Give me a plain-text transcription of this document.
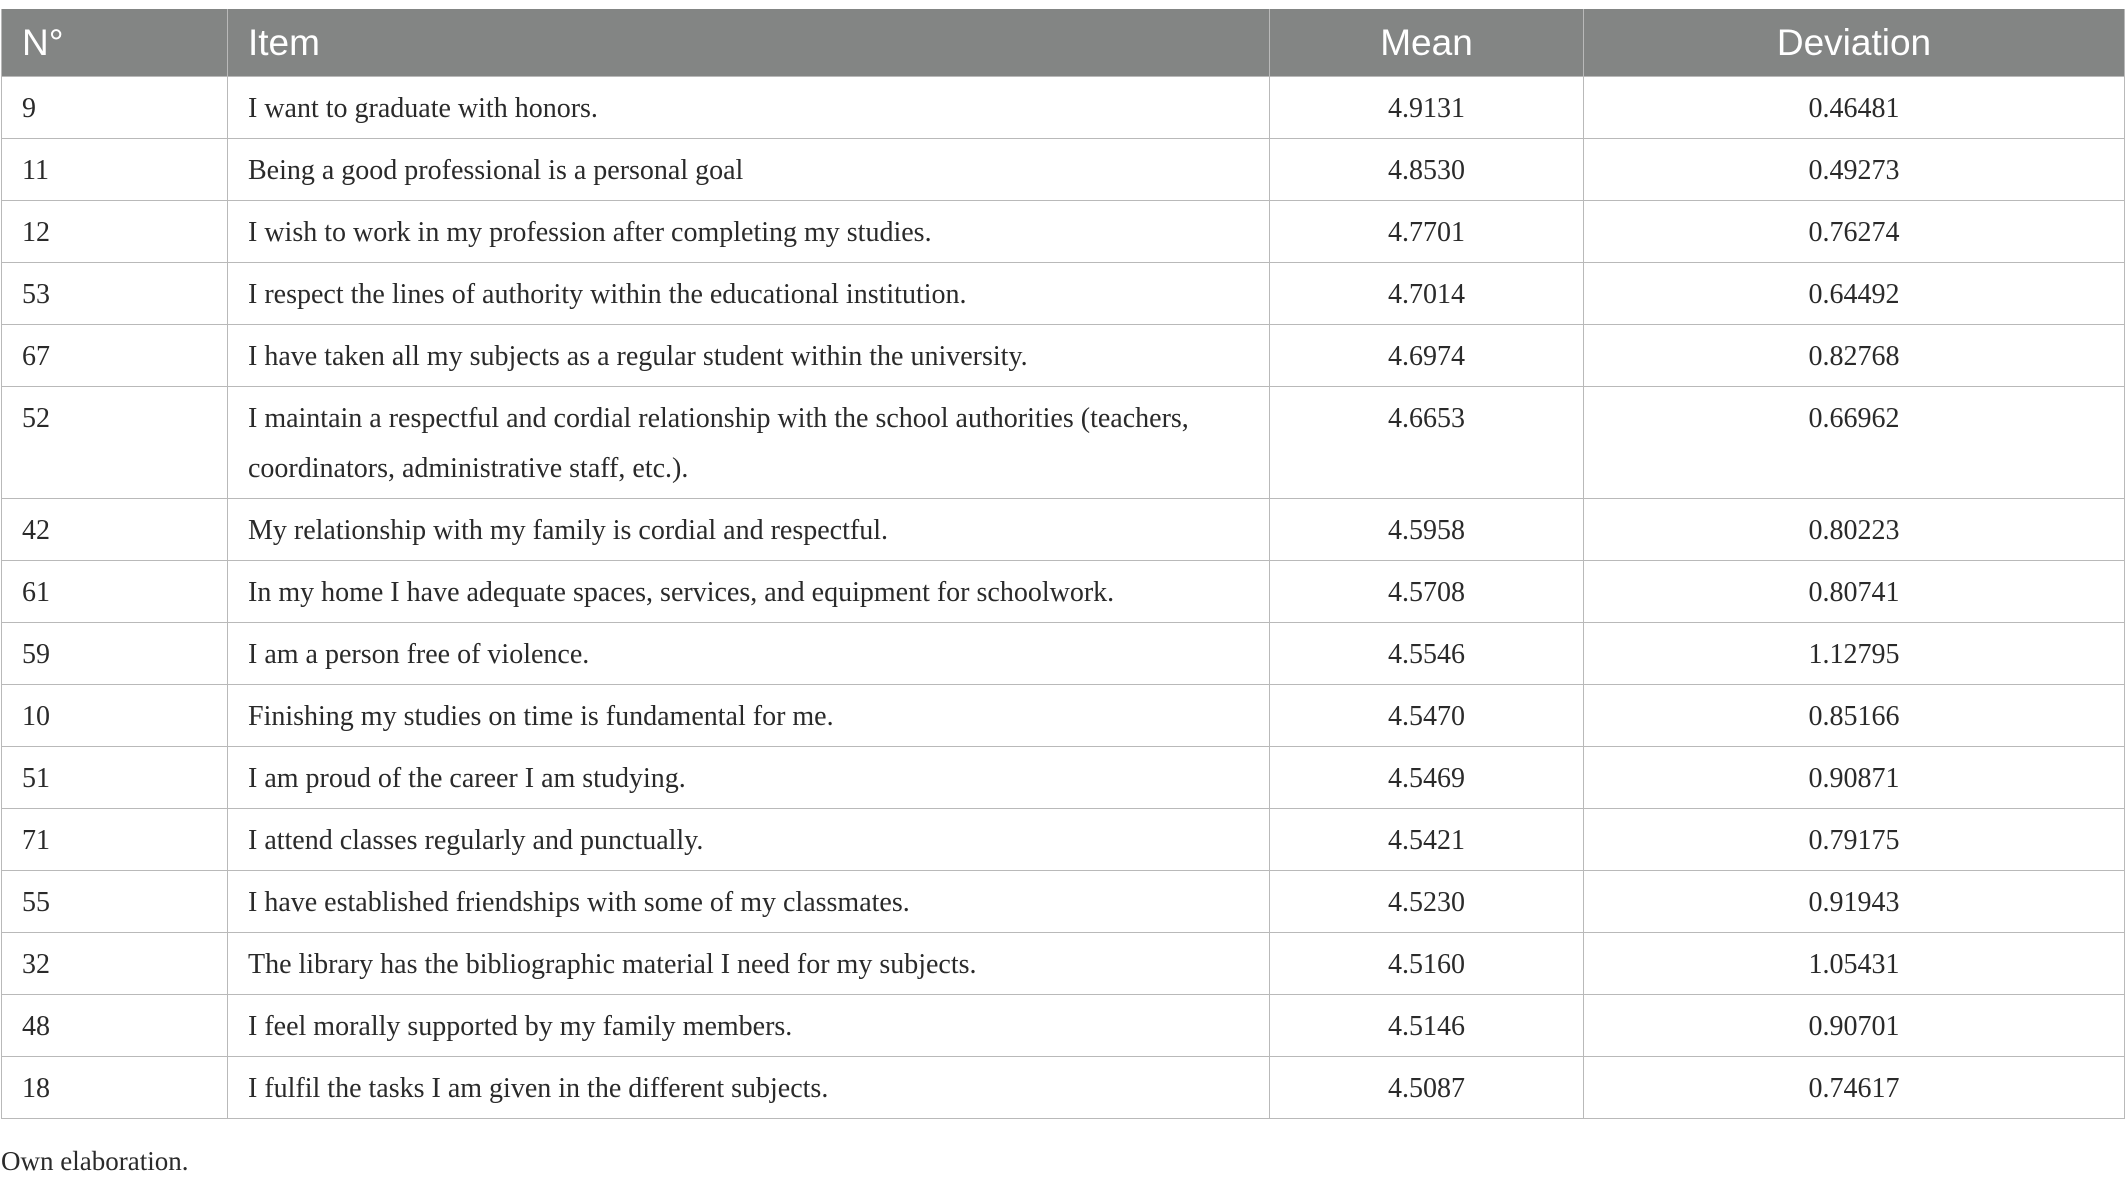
N°	Item	Mean	Deviation
9	I want to graduate with honors.	4.9131	0.46481
11	Being a good professional is a personal goal	4.8530	0.49273
12	I wish to work in my profession after completing my studies.	4.7701	0.76274
53	I respect the lines of authority within the educational institution.	4.7014	0.64492
67	I have taken all my subjects as a regular student within the university.	4.6974	0.82768
52	I maintain a respectful and cordial relationship with the school authorities (teachers, coordinators, administrative staff, etc.).	4.6653	0.66962
42	My relationship with my family is cordial and respectful.	4.5958	0.80223
61	In my home I have adequate spaces, services, and equipment for schoolwork.	4.5708	0.80741
59	I am a person free of violence.	4.5546	1.12795
10	Finishing my studies on time is fundamental for me.	4.5470	0.85166
51	I am proud of the career I am studying.	4.5469	0.90871
71	I attend classes regularly and punctually.	4.5421	0.79175
55	I have established friendships with some of my classmates.	4.5230	0.91943
32	The library has the bibliographic material I need for my subjects.	4.5160	1.05431
48	I feel morally supported by my family members.	4.5146	0.90701
18	I fulfil the tasks I am given in the different subjects.	4.5087	0.74617
Own elaboration.
